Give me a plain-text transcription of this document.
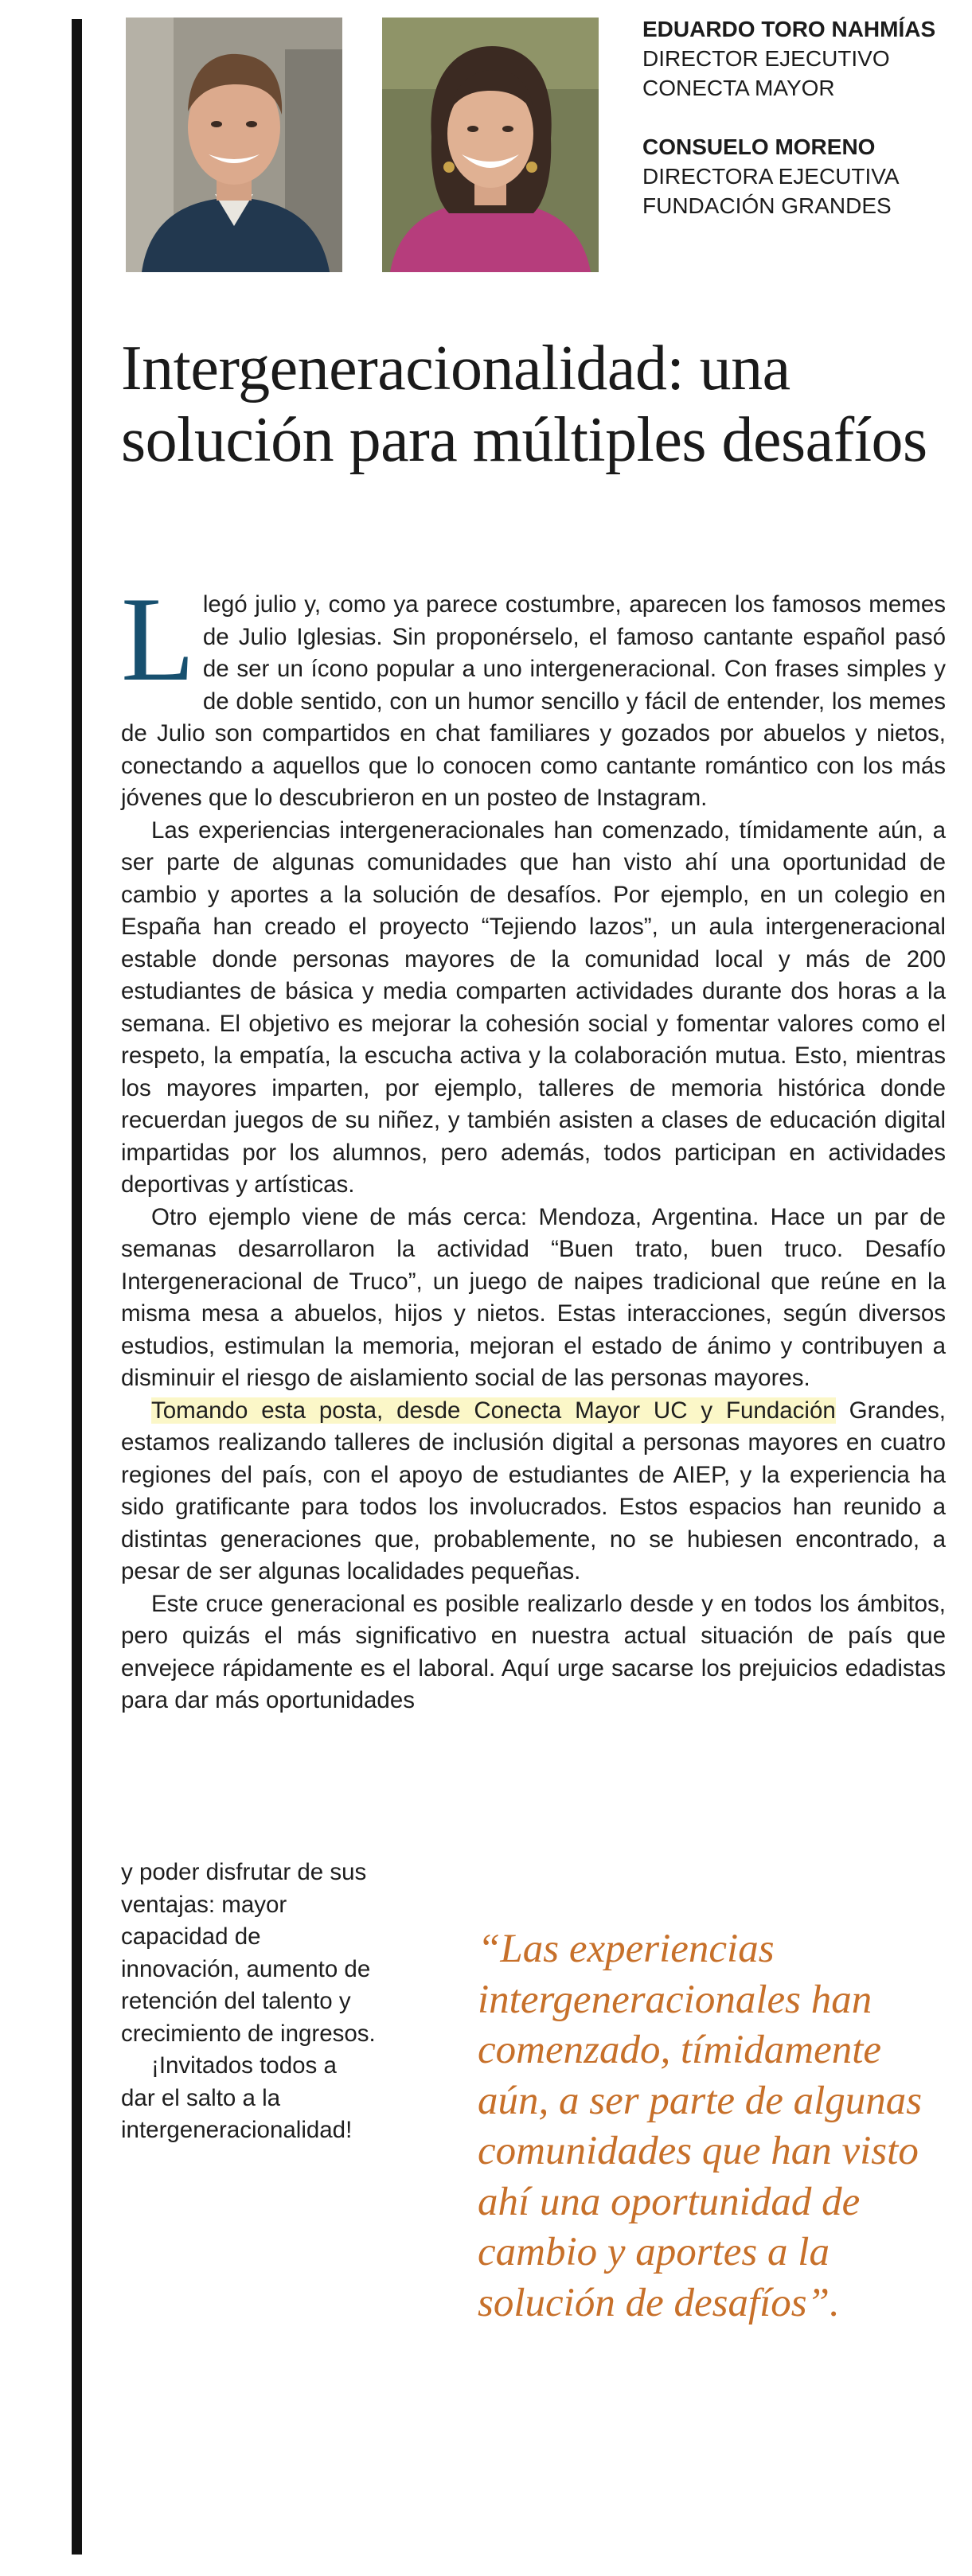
EDUARDO TORO NAHMÍAS
DIRECTOR EJECUTIVO
CONECTA MAYOR
CONSUELO MORENO
DIRECTORA EJECUTIVA
FUNDACIÓN GRANDES
Intergeneracionalidad: una solución para múltiples desafíos

Llegó julio y, como ya parece costumbre, aparecen los famosos memes de Julio Iglesias. Sin proponérselo, el famoso cantante español pasó de ser un ícono popular a uno intergeneracional. Con frases simples y de doble sentido, con un humor sencillo y fácil de entender, los memes de Julio son compartidos en chat familiares y gozados por abuelos y nietos, conectando a aquellos que lo conocen como cantante romántico con los más jóvenes que lo descubrieron en un posteo de Instagram.

Las experiencias intergeneracionales han comenzado, tímidamente aún, a ser parte de algunas comunidades que han visto ahí una oportunidad de cambio y aportes a la solución de desafíos. Por ejemplo, en un colegio en España han creado el proyecto “Tejiendo lazos”, un aula intergeneracional estable donde personas mayores de la comunidad local y más de 200 estudiantes de básica y media comparten actividades durante dos horas a la semana. El objetivo es mejorar la cohesión social y fomentar valores como el respeto, la empatía, la escucha activa y la colaboración mutua. Esto, mientras los mayores imparten, por ejemplo, talleres de memoria histórica donde recuerdan juegos de su niñez, y también asisten a clases de educación digital impartidas por los alumnos, pero además, todos participan en actividades deportivas y artísticas.

Otro ejemplo viene de más cerca: Mendoza, Argentina. Hace un par de semanas desarrollaron la actividad “Buen trato, buen truco. Desafío Intergeneracional de Truco”, un juego de naipes tradicional que reúne en la misma mesa a abuelos, hijos y nietos. Estas interacciones, según diversos estudios, estimulan la memoria, mejoran el estado de ánimo y contribuyen a disminuir el riesgo de aislamiento social de las personas mayores.

Tomando esta posta, desde Conecta Mayor UC y Fundación Grandes, estamos realizando talleres de inclusión digital a personas mayores en cuatro regiones del país, con el apoyo de estudiantes de AIEP, y la experiencia ha sido gratificante para todos los involucrados. Estos espacios han reunido a distintas generaciones que, probablemente, no se hubiesen encontrado, a pesar de ser algunas localidades pequeñas.

Este cruce generacional es posible realizarlo desde y en todos los ámbitos, pero quizás el más significativo en nuestra actual situación de país que envejece rápidamente es el laboral. Aquí urge sacarse los prejuicios edadistas para dar más oportunidades

y poder disfrutar de sus ventajas: mayor capacidad de innovación, aumento de retención del talento y crecimiento de ingresos.

¡Invitados todos a dar el salto a la intergeneracionalidad!

“Las experiencias intergeneracionales han comenzado, tímidamente aún, a ser parte de algunas comunidades que han visto ahí una oportunidad de cambio y aportes a la solución de desafíos”.
